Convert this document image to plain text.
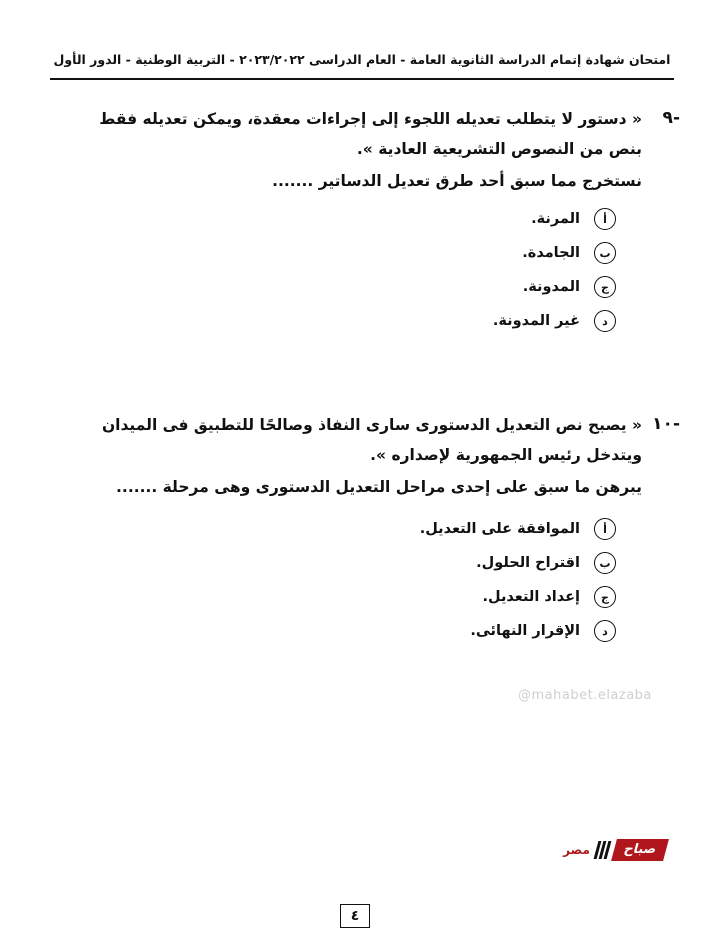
امتحان شهادة إتمام الدراسة الثانوية العامة - العام الدراسى ٢٠٢٣/٢٠٢٢ - التربية الوطنية - الدور الأول
-٩
« دستور لا يتطلب تعديله اللجوء إلى إجراءات معقدة، ويمكن تعديله فقط
بنص من النصوص التشريعية العادية ».
نستخرج مما سبق أحد طرق تعديل الدساتير .......
أ
المرنة.
ب
الجامدة.
ج
المدونة.
د
غير المدونة.
-١٠
« يصبح نص التعديل الدستورى سارى النفاذ وصالحًا للتطبيق فى الميدان
ويتدخل رئيس الجمهورية لإصداره ».
يبرهن ما سبق على إحدى مراحل التعديل الدستورى وهى مرحلة .......
أ
الموافقة على التعديل.
ب
اقتراح الحلول.
ج
إعداد التعديل.
د
الإقرار النهائى.
@mahabet.elazaba
صباح
مصر
٤
